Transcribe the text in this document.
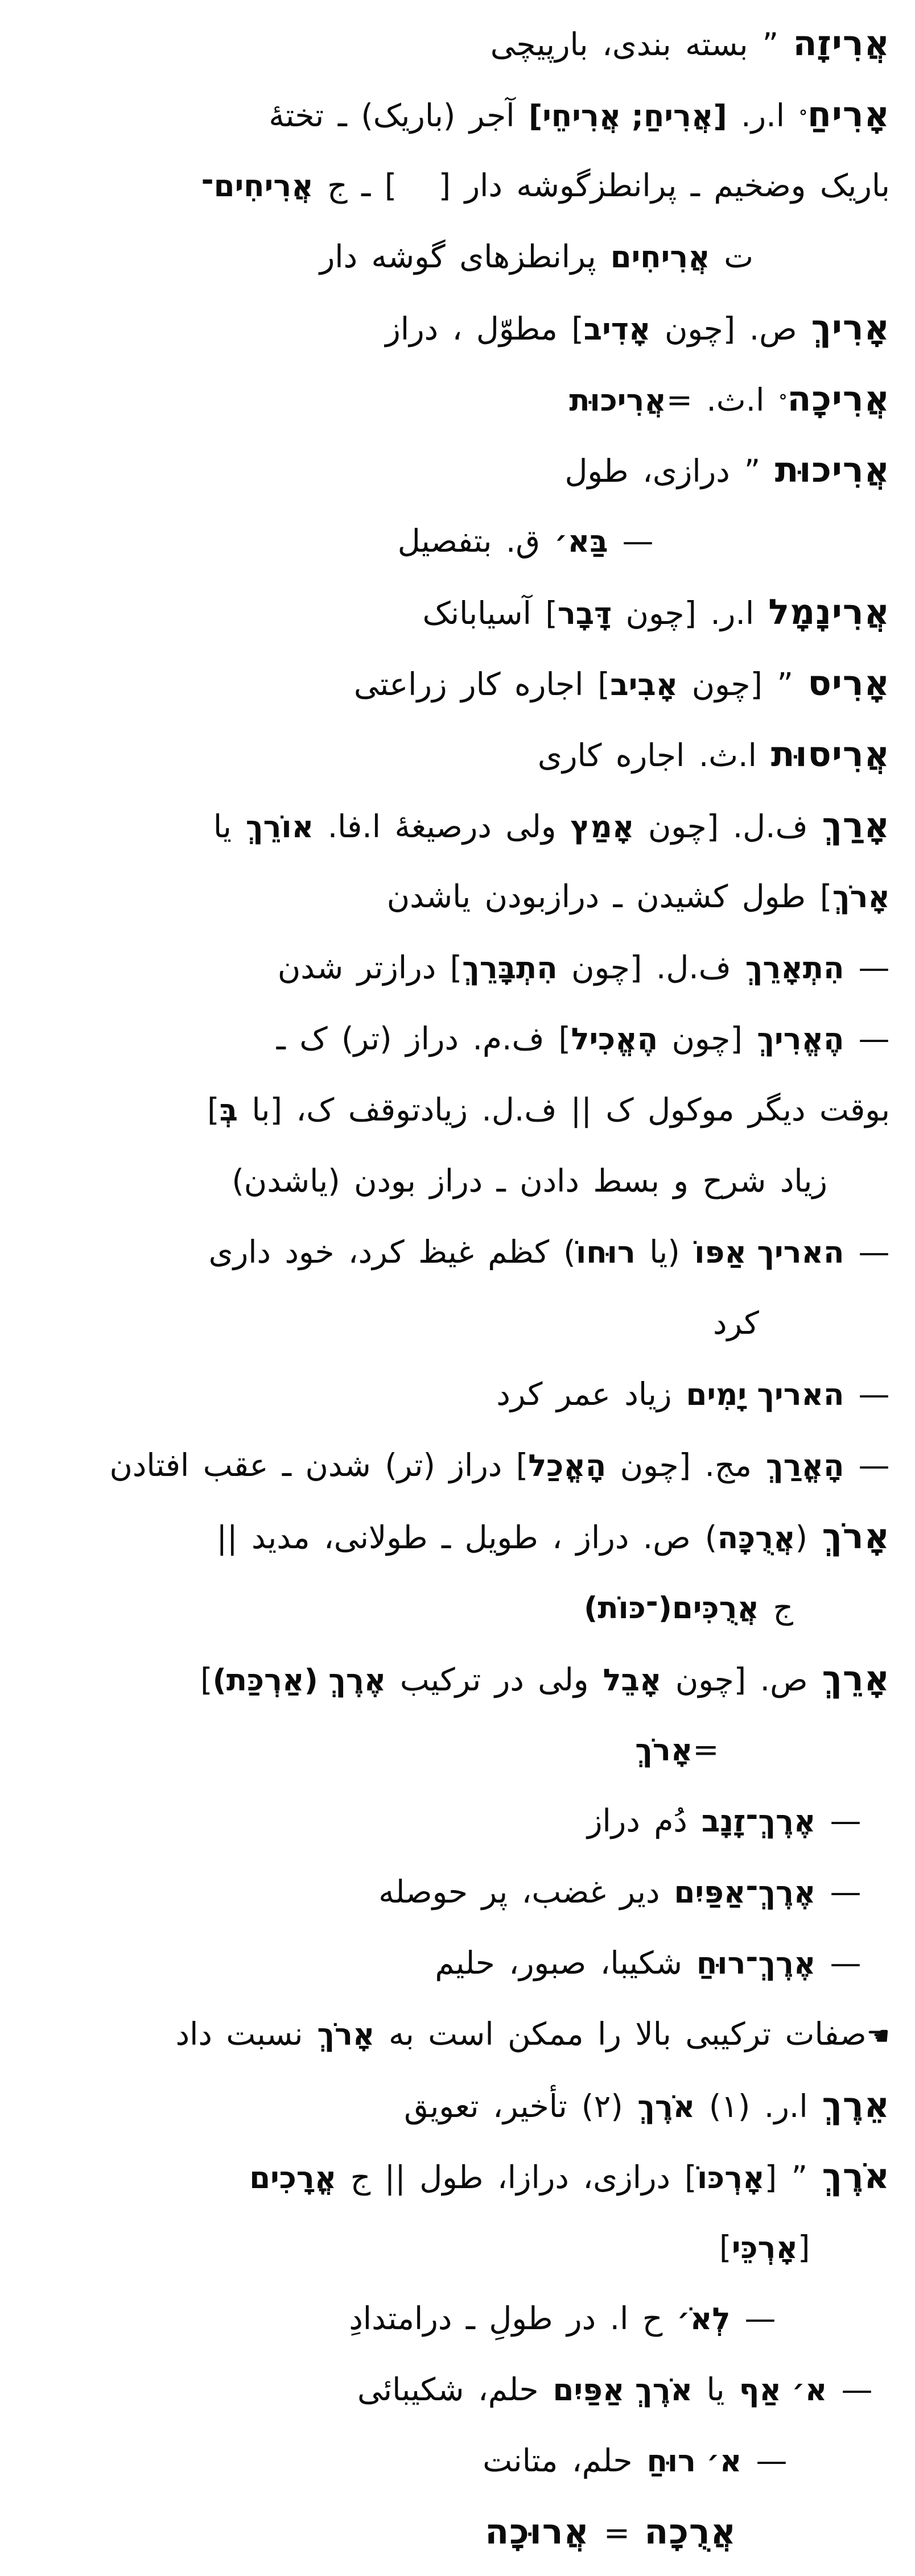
אֲרִיזָה ” بسته بندی، بارپیچی
אָרִיחַ° ا.ر. [אֲרִיחַ; אֲרִיחֵי] آجر (باریک) ـ تختهٔ
باریک وضخیم ـ پرانطزگوشه دار [   ] ـ ج אֲרִיחִים־
ت אֲרִיחִים پرانطزهای گوشه دار
אָרִיךְ ص. [چون אָדִיב] مطوّل ، دراز
אֲרִיכָה° ا.ث. =אֲרִיכוּת
אֲרִיכוּת ” درازی، طول
— בַּא׳ ق. بتفصیل
אֲרִינָמָל ا.ر. [چون דָּבָר] آسیابانک
אָרִיס ” [چون אָבִיב] اجاره کار زراعتی
אֲרִיסוּת ا.ث. اجاره کاری
אָרַךְ ف.ل. [چون אָמַץ ولی درصیغهٔ ا.فا. אוֹרֵךְ یا
אָרֹךְ] طول کشیدن ـ درازبودن یاشدن
— הִתְאָרֵךְ ف.ل. [چون הִתְבָּרֵךְ] درازتر شدن
— הֶאֱרִיךְ [چون הֶאֱכִיל] ف.م. دراز (تر) ک ـ
بوقت دیگر موکول ک || ف.ل. زیادتوقف ک، [با בְּ]
زیاد شرح و بسط دادن ـ دراز بودن (یاشدن)
— האריך אַפּוֹ (یا רוּחוֹ) کظم غیظ کرد، خود داری
کرد
— האריך יָמִים زیاد عمر کرد
— הָאֳרַךְ مج. [چون הָאֳכַל] دراز (تر) شدن ـ عقب افتادن
אָרֹךְ (אֲרֻכָּה) ص. دراز ، طویل ـ طولانی، مدید ||
ج אֲרֻכִּים(־כּוֹת)
אָרֵךְ ص. [چون אָבֵל ولی در ترکیب אֶרֶךְ (אַרְכַּת)]
=אָרֹךְ
— אֶרֶךְ־זָנָב دُم دراز
— אֶרֶךְ־אַפַּיִם دیر غضب، پر حوصله
— אֶרֶךְ־רוּחַ شکیبا، صبور، حلیم
☚صفات ترکیبی بالا را ممکن است به אָרֹךְ نسبت داد
אֵרֶךְ ا.ر. (۱) אֹרֶךְ (۲) تأخیر، تعویق
אֹרֶךְ ” [אָרְכּוֹ] درازی، درازا، طول || ج אֳרָכִים
[אָרְכֵּי]
— לְאֹ׳ ح ا. در طولِ ـ درامتدادِ
— א׳ אַף یا אֹרֶךְ אַפַּיִם حلم، شکیبائی
— א׳ רוּחַ حلم، متانت
אֲרֻכָה = אֲרוּכָה
